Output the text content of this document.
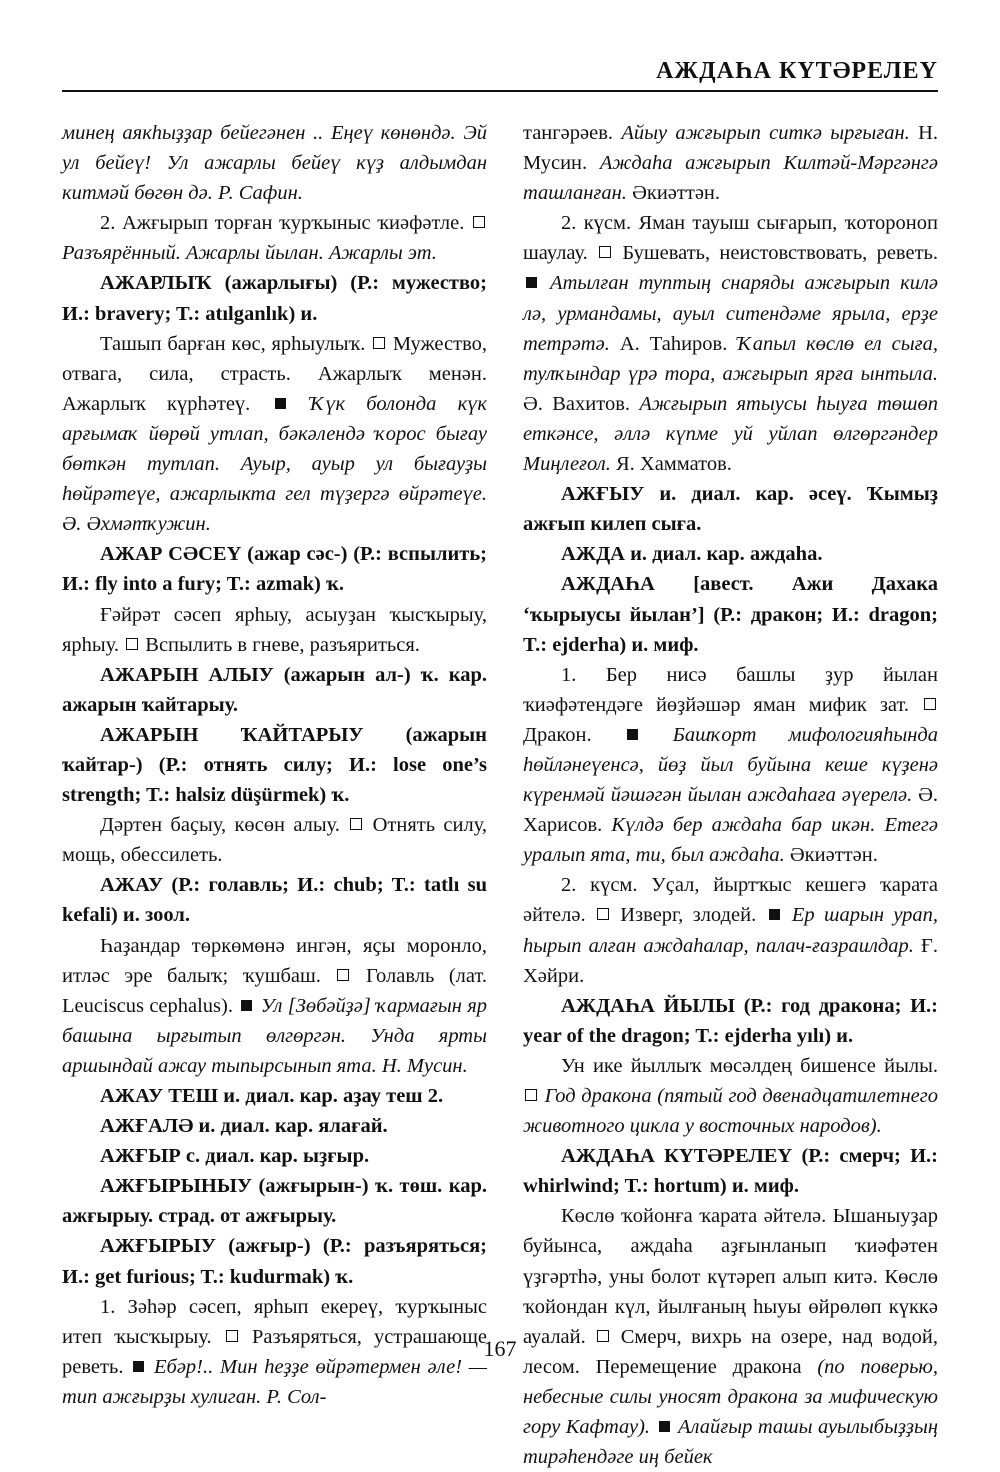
АЖДАҺА КҮТӘРЕЛЕҮ

минең аякһыҙҙар бейегәнен .. Еңеү көнөндә. Эй ул бейеү! Ул ажарлы бейеү күҙ алдымдан китмәй бөгөн дә. Р. Сафин.

2. Ажғырып торған ҡурҡыныс ҡиәфәтле.  Разъярённый. Ажарлы йылан. Ажарлы эт.

АЖАРЛЫҠ (ажарлығы) (Р.: мужество; И.: bravery; T.: atılganlık) и.

Ташып барған көс, ярһыулыҡ. Мужество, отвага, сила, страсть. Ажарлыҡ менән. Ажарлыҡ күрһәтеү.	Ҡүк болонда күк арғымаҡ йөрөй утлап, бәкәлендә ҡорос бығау бөткән тутлап. Ауыр, ауыр ул бығауҙы һөйрәтеүе, ажарлыкта гел түҙергә өйрәтеүе. Ә. Әхмәтҡужин.

АЖАР СӘСЕҮ (ажар сәс-) (Р.: вспылить; И.: fly into a fury; T.: azmak) ҡ.

Ғәйрәт сәсеп ярһыу, асыуҙан ҡысҡырыу, ярһыу. Вспылить в гневе, разъяриться.

АЖАРЫН АЛЫУ (ажарын ал-) ҡ. кар. ажарын ҡайтарыу.

АЖАРЫН ҠАЙТАРЫУ (ажарын ҡайтар-) (Р.: отнять силу; И.: lose one’s strength; T.: halsiz düşürmek) ҡ.

Дәртен баҫыу, көсөн алыу. Отнять силу, мощь, обессилеть.

АЖАУ (Р.: голавль; И.: chub; T.: tatlı su kefali) и. зоол.

Һаҙандар төркөмөнә ингән, яҫы моронло, итләс эре балыҡ; ҡушбаш. Голавль (лат. Leuciscus cephalus). Ул [Зөбәйҙә] ҡармағын яр башына ырғытып өлгөргән. Унда ярты аршындай ажау тыпырсынып ята. Н. Мусин.

АЖАУ ТЕШ и. диал. кар. аҙау теш 2.

АЖҒАЛӘ и. диал. кар. ялағай.

АЖҒЫР с. диал. кар. ыҙғыр.

АЖҒЫРЫНЫУ (ажғырын-) ҡ. төш. кар. ажғырыу. страд. от ажғырыу.

АЖҒЫРЫУ (ажғыр-) (Р.: разъяряться; И.: get furious; T.: kudurmak) ҡ.

1. Зәһәр сәсеп, ярһып екереү, ҡурҡыныс итеп ҡысҡырыу. Разъяряться, устрашающе реветь. Ебәр!.. Мин һеҙҙе өйрәтермен әле! — тип ажғырҙы хулиган. Р. Сол-

тангәрәев. Айыу ажғырып ситкә ырғыған. Н. Мусин. Аждаһа ажғырып Килтәй-Мәргәнгә ташланған. Әкиәттән.

2. күсм. Яман тауыш сығарып, ҡотороноп шаулау. Бушевать, неистовствовать, реветь.  Атылған туптың снаряды ажғырып килә лә, урмандамы, ауыл ситендәме ярыла, ерҙе тетрәтә. А. Таһиров. Ҡапыл көслө ел сыға, тулҡындар үрә тора, ажғырып ярға ынтыла. Ә. Вахитов. Ажғырып ятыусы һыуға төшөп еткәнсе, әллә күпме уй уйлап өлгөргәндер Миңлеғол. Я. Хамматов.

АЖҒЫУ и. диал. кар. әсеү. Ҡымыҙ ажғып килеп сыға.

АЖДА и. диал. кар. аждаһа.

АЖДАҺА [авест. Ажи Дахака ‘ҡырыусы йылан’] (Р.: дракон; И.: dragon; T.: ejderha) и. миф.

1. Бер нисә башлы ҙур йылан ҡиәфәтендәге йөҙйәшәр яман мифик зат.  Дракон.	Башҡорт мифологияһында һөйләнеүенсә, йөҙ йыл буйына кеше күҙенә күренмәй йәшәгән йылан аждаһаға әүерелә. Ә. Харисов. Күлдә бер аждаһа бар икән. Етегә уралып ята, ти, был аждаһа. Әкиәттән.

2. күсм. Уҫал, йыртҡыс кешегә ҡарата әйтелә. Изверг, злодей. Ер шарын урап, һырып алған аждаһалар, палач-ғазраилдар. Ғ. Хәйри.

АЖДАҺА ЙЫЛЫ (Р.: год дракона; И.: year of the dragon; T.: ejderha yılı) и.

Ун ике йыллыҡ мөсәлдең бишенсе йылы.  Год дракона (пятый год двенадцатилетнего животного цикла у восточных народов).

АЖДАҺА КҮТӘРЕЛЕҮ (Р.: смерч; И.: whirlwind; T.: hortum) и. миф.

Көслө ҡойонға ҡарата әйтелә. Ышаныуҙар буйынса, аждаһа аҙғынланып ҡиәфәтен үҙгәртһә, уны болот күтәреп алып китә. Көслө ҡойондан күл, йылғаның һыуы өйрөлөп күккә ауалай. Смерч, вихрь на озере, над водой, лесом. Перемещение дракона (по поверью, небесные силы уносят дракона за мифическую гору Кафтау). Алайғыр ташы ауылыбыҙҙың тирәһендәге иң бейек

167
